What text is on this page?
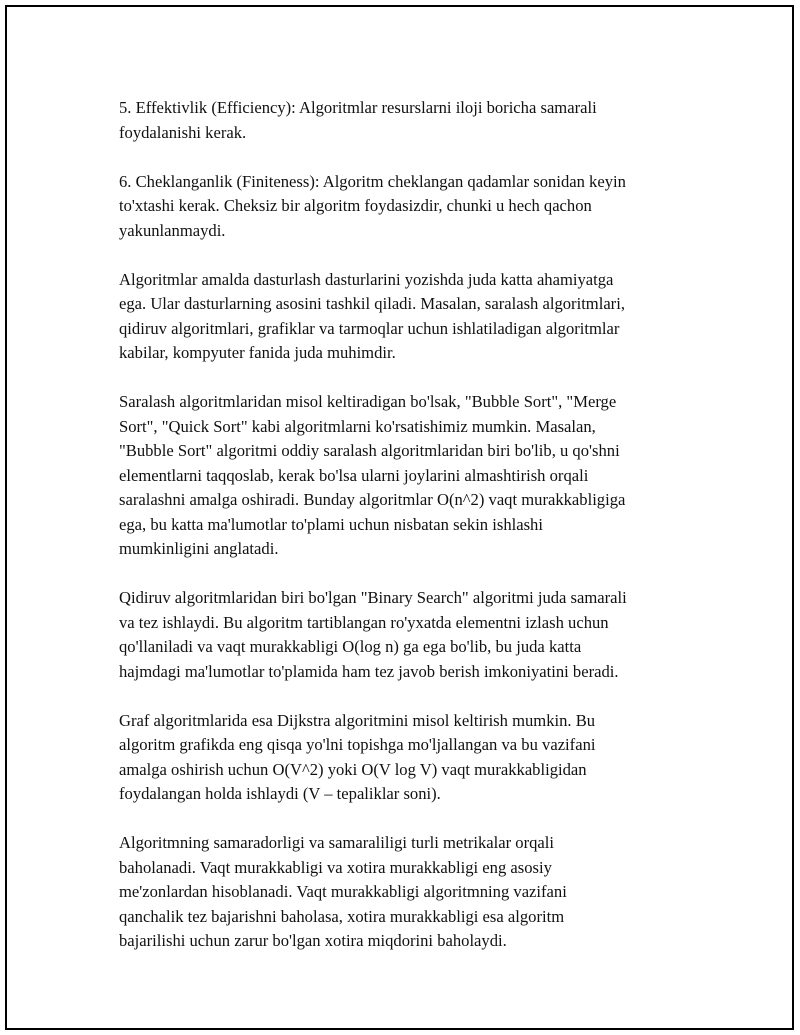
5. Effektivlik (Efficiency): Algoritmlar resurslarni iloji boricha samarali
foydalanishi kerak.
6. Cheklanganlik (Finiteness): Algoritm cheklangan qadamlar sonidan keyin
to'xtashi kerak. Cheksiz bir algoritm foydasizdir, chunki u hech qachon
yakunlanmaydi.
Algoritmlar amalda dasturlash dasturlarini yozishda juda katta ahamiyatga
ega. Ular dasturlarning asosini tashkil qiladi. Masalan, saralash algoritmlari,
qidiruv algoritmlari, grafiklar va tarmoqlar uchun ishlatiladigan algoritmlar
kabilar, kompyuter fanida juda muhimdir.
Saralash algoritmlaridan misol keltiradigan bo'lsak, "Bubble Sort", "Merge
Sort", "Quick Sort" kabi algoritmlarni ko'rsatishimiz mumkin. Masalan,
"Bubble Sort" algoritmi oddiy saralash algoritmlaridan biri bo'lib, u qo'shni
elementlarni taqqoslab, kerak bo'lsa ularni joylarini almashtirish orqali
saralashni amalga oshiradi. Bunday algoritmlar O(n^2) vaqt murakkabligiga
ega, bu katta ma'lumotlar to'plami uchun nisbatan sekin ishlashi
mumkinligini anglatadi.
Qidiruv algoritmlaridan biri bo'lgan "Binary Search" algoritmi juda samarali
va tez ishlaydi. Bu algoritm tartiblangan ro'yxatda elementni izlash uchun
qo'llaniladi va vaqt murakkabligi O(log n) ga ega bo'lib, bu juda katta
hajmdagi ma'lumotlar to'plamida ham tez javob berish imkoniyatini beradi.
Graf algoritmlarida esa Dijkstra algoritmini misol keltirish mumkin. Bu
algoritm grafikda eng qisqa yo'lni topishga mo'ljallangan va bu vazifani
amalga oshirish uchun O(V^2) yoki O(V log V) vaqt murakkabligidan
foydalangan holda ishlaydi (V – tepaliklar soni).
Algoritmning samaradorligi va samaraliligi turli metrikalar orqali
baholanadi. Vaqt murakkabligi va xotira murakkabligi eng asosiy
me'zonlardan hisoblanadi. Vaqt murakkabligi algoritmning vazifani
qanchalik tez bajarishni baholasa, xotira murakkabligi esa algoritm
bajarilishi uchun zarur bo'lgan xotira miqdorini baholaydi.
